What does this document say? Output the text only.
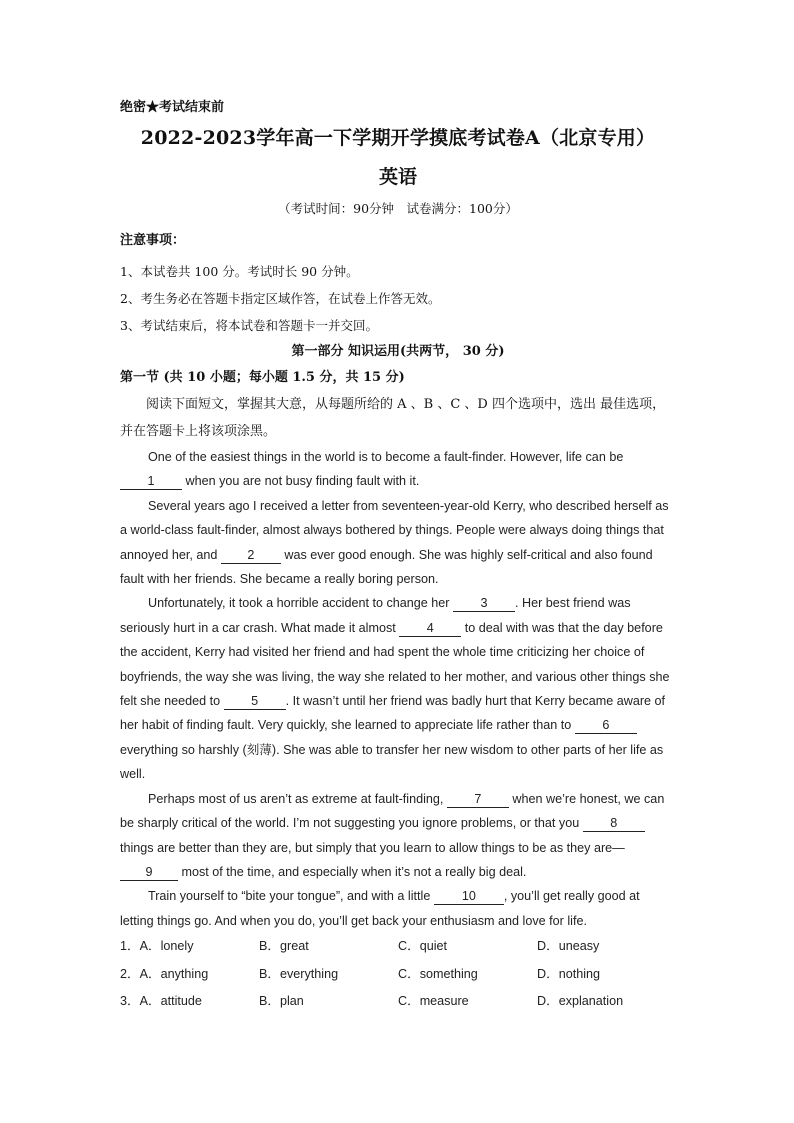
绝密★考试结束前
2022-2023学年高一下学期开学摸底考试卷A（北京专用）
英语
（考试时间：90分钟　试卷满分：100分）
注意事项：
1、本试卷共 100 分。考试时长 90 分钟。
2、考生务必在答题卡指定区域作答，在试卷上作答无效。
3、考试结束后，将本试卷和答题卡一并交回。
第一部分 知识运用(共两节， 30 分)
第一节 (共 10 小题；每小题 1.5 分，共 15 分)

阅读下面短文，掌握其大意，从每题所给的 A 、B 、C 、D 四个选项中，选出 最佳选项，并在答题卡上将该项涂黑。

One of the easiest things in the world is to become a fault-finder. However, life can be 1 when you are not busy finding fault with it.

Several years ago I received a letter from seventeen-year-old Kerry, who described herself as a world-class fault-finder, almost always bothered by things. People were always doing things that annoyed her, and 2 was ever good enough. She was highly self-critical and also found fault with her friends. She became a really boring person.

Unfortunately, it took a horrible accident to change her 3 . Her best friend was seriously hurt in a car crash. What made it almost 4 to deal with was that the day before the accident, Kerry had visited her friend and had spent the whole time criticizing her choice of boyfriends, the way she was living, the way she related to her mother, and various other things she felt she needed to 5 . It wasn’t until her friend was badly hurt that Kerry became aware of her habit of finding fault. Very quickly, she learned to appreciate life rather than to 6 everything so harshly (刻薄). She was able to transfer her new wisdom to other parts of her life as well.

Perhaps most of us aren’t as extreme at fault-finding, 7 when we’re honest, we can be sharply critical of the world. I’m not suggesting you ignore problems, or that you 8 things are better than they are, but simply that you learn to allow things to be as they are—9 most of the time, and especially when it’s not a really big deal.

Train yourself to “bite your tongue”, and with a little 10 , you’ll get really good at letting things go. And when you do, you’ll get back your enthusiasm and love for life.

1．A．lonely	B．great	C．quiet	D．uneasy
2．A．anything	B．everything	C．something	D．nothing
3．A．attitude	B．plan	C．measure	D．explanation
